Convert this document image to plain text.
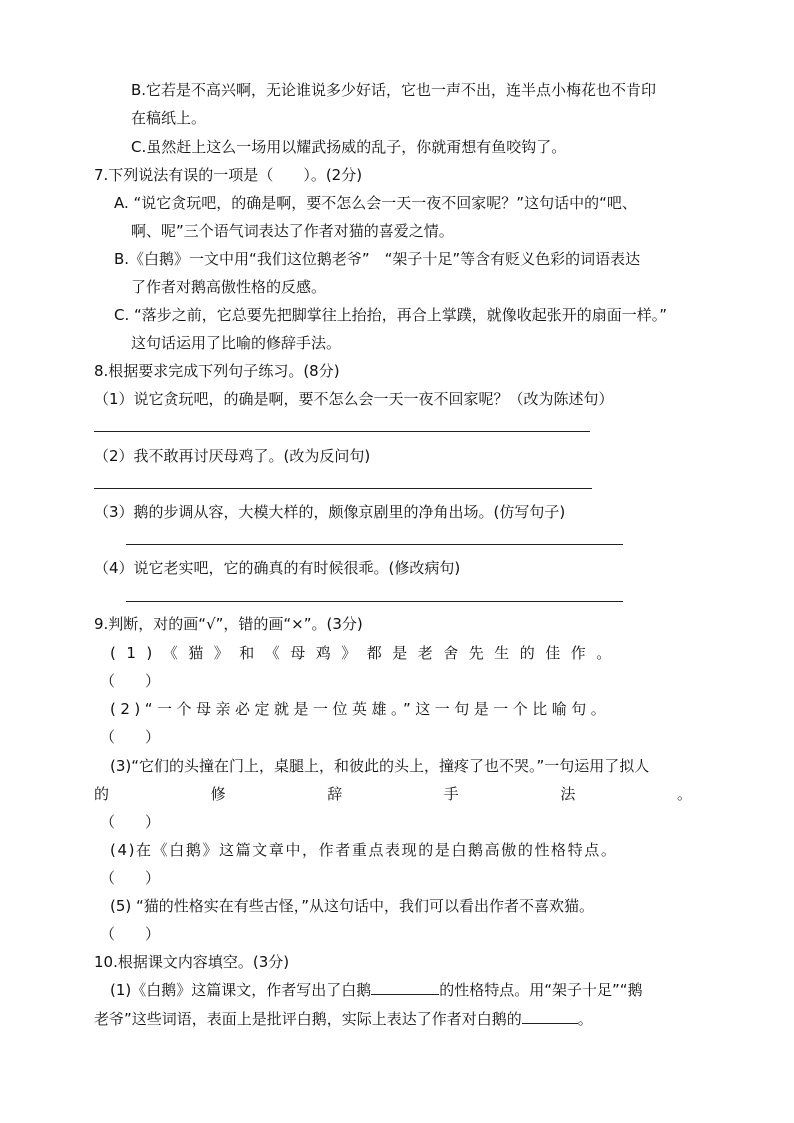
B.它若是不高兴啊，无论谁说多少好话，它也一声不出，连半点小梅花也不肯印
在稿纸上。
C.虽然赶上这么一场用以耀武扬威的乱子，你就甭想有鱼咬钩了。
7.下列说法有误的一项是（　　）。(2分)
A. “说它贪玩吧，的确是啊，要不怎么会一天一夜不回家呢？”这句话中的“吧、
啊、呢”三个语气词表达了作者对猫的喜爱之情。
B.《白鹅》一文中用“我们这位鹅老爷”　“架子十足”等含有贬义色彩的词语表达
了作者对鹅高傲性格的反感。
C. “落步之前，它总要先把脚掌往上抬抬，再合上掌蹼，就像收起张开的扇面一样。”
这句话运用了比喻的修辞手法。
8.根据要求完成下列句子练习。(8分)
（1）说它贪玩吧，的确是啊，要不怎么会一天一夜不回家呢？（改为陈述句）
（2）我不敢再讨厌母鸡了。(改为反问句)
（3）鹅的步调从容，大模大样的，颇像京剧里的净角出场。(仿写句子)
（4）说它老实吧，它的确真的有时候很乖。(修改病句)
9.判断，对的画“√”，错的画“×”。(3分)
(1)《猫》和《母鸡》都是老舍先生的佳作。
（　　）
(2)“一个母亲必定就是一位英雄。”这一句是一个比喻句。
（　　）
(3)“它们的头撞在门上，桌腿上，和彼此的头上，撞疼了也不哭。”一句运用了拟人
的	修	辞	手	法	。
（　　）
(4)在《白鹅》这篇文章中，作者重点表现的是白鹅高傲的性格特点。
（　　）
(5) “猫的性格实在有些古怪，”从这句话中，我们可以看出作者不喜欢猫。
（　　）
10.根据课文内容填空。(3分)
(1)《白鹅》这篇课文，作者写出了白鹅	的性格特点。用“架子十足”“鹅
老爷”这些词语，表面上是批评白鹅，实际上表达了作者对白鹅的	。
